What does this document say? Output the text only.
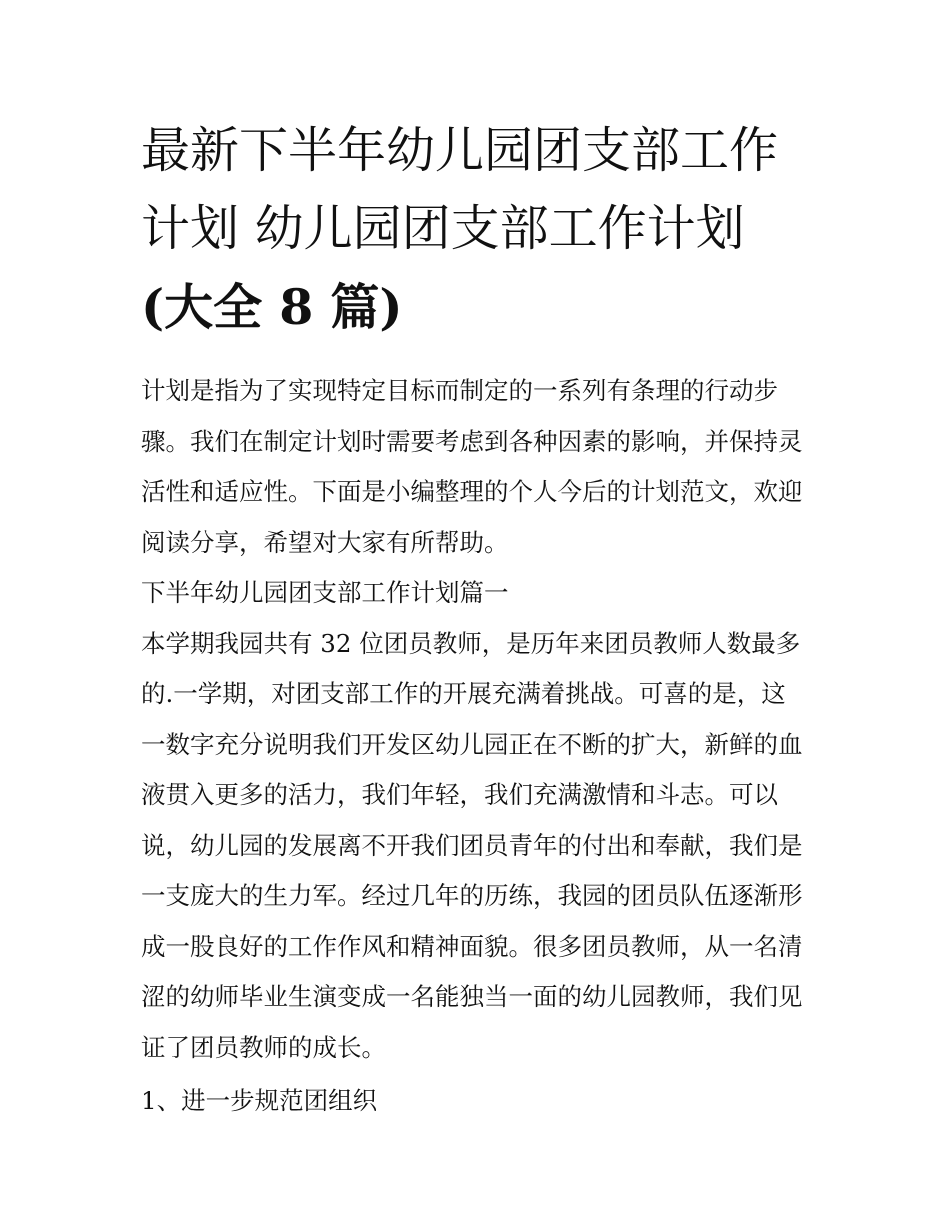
最新下半年幼儿园团支部工作
计划 幼儿园团支部工作计划
(大全 8 篇)

计划是指为了实现特定目标而制定的一系列有条理的行动步
骤。我们在制定计划时需要考虑到各种因素的影响，并保持灵
活性和适应性。下面是小编整理的个人今后的计划范文，欢迎
阅读分享，希望对大家有所帮助。

下半年幼儿园团支部工作计划篇一

本学期我园共有 32 位团员教师，是历年来团员教师人数最多
的.一学期，对团支部工作的开展充满着挑战。可喜的是，这
一数字充分说明我们开发区幼儿园正在不断的扩大，新鲜的血
液贯入更多的活力，我们年轻，我们充满激情和斗志。可以
说，幼儿园的发展离不开我们团员青年的付出和奉献，我们是
一支庞大的生力军。经过几年的历练，我园的团员队伍逐渐形
成一股良好的工作作风和精神面貌。很多团员教师，从一名清
涩的幼师毕业生演变成一名能独当一面的幼儿园教师，我们见
证了团员教师的成长。

1、进一步规范团组织
